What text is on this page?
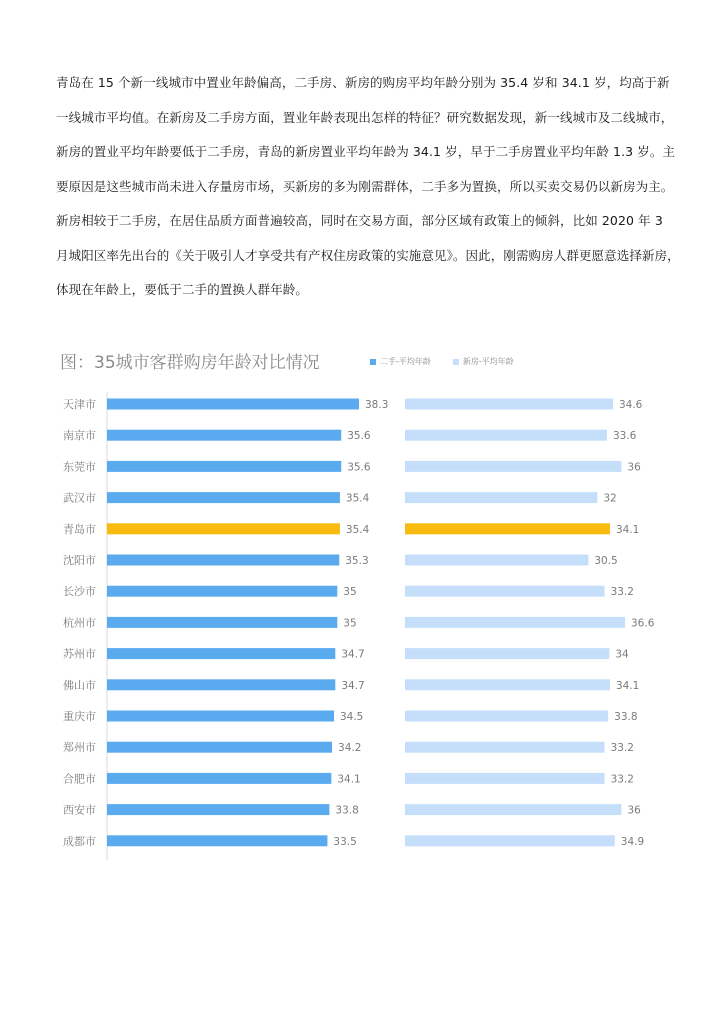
青岛在 15 个新一线城市中置业年龄偏高，二手房、新房的购房平均年龄分别为 35.4 岁和 34.1 岁，均高于新
一线城市平均值。在新房及二手房方面，置业年龄表现出怎样的特征？研究数据发现，新一线城市及二线城市，
新房的置业平均年龄要低于二手房，青岛的新房置业平均年龄为 34.1 岁，早于二手房置业平均年龄 1.3 岁。主
要原因是这些城市尚未进入存量房市场，买新房的多为刚需群体，二手多为置换，所以买卖交易仍以新房为主。
新房相较于二手房，在居住品质方面普遍较高，同时在交易方面，部分区域有政策上的倾斜，比如 2020 年 3
月城阳区率先出台的《关于吸引人才享受共有产权住房政策的实施意见》。因此，刚需购房人群更愿意选择新房，
体现在年龄上，要低于二手的置换人群年龄。
图：35城市客群购房年龄对比情况	二手-平均年龄	新房-平均年龄
天津市	38.3	34.6
南京市	35.6	33.6
东莞市	35.6	36
武汉市	35.4	32
青岛市	35.4	34.1
沈阳市	35.3	30.5
长沙市	35	33.2
杭州市	35	36.6
苏州市	34.7	34
佛山市	34.7	34.1
重庆市	34.5	33.8
郑州市	34.2	33.2
合肥市	34.1	33.2
西安市	33.8	36
成都市	33.5	34.9
